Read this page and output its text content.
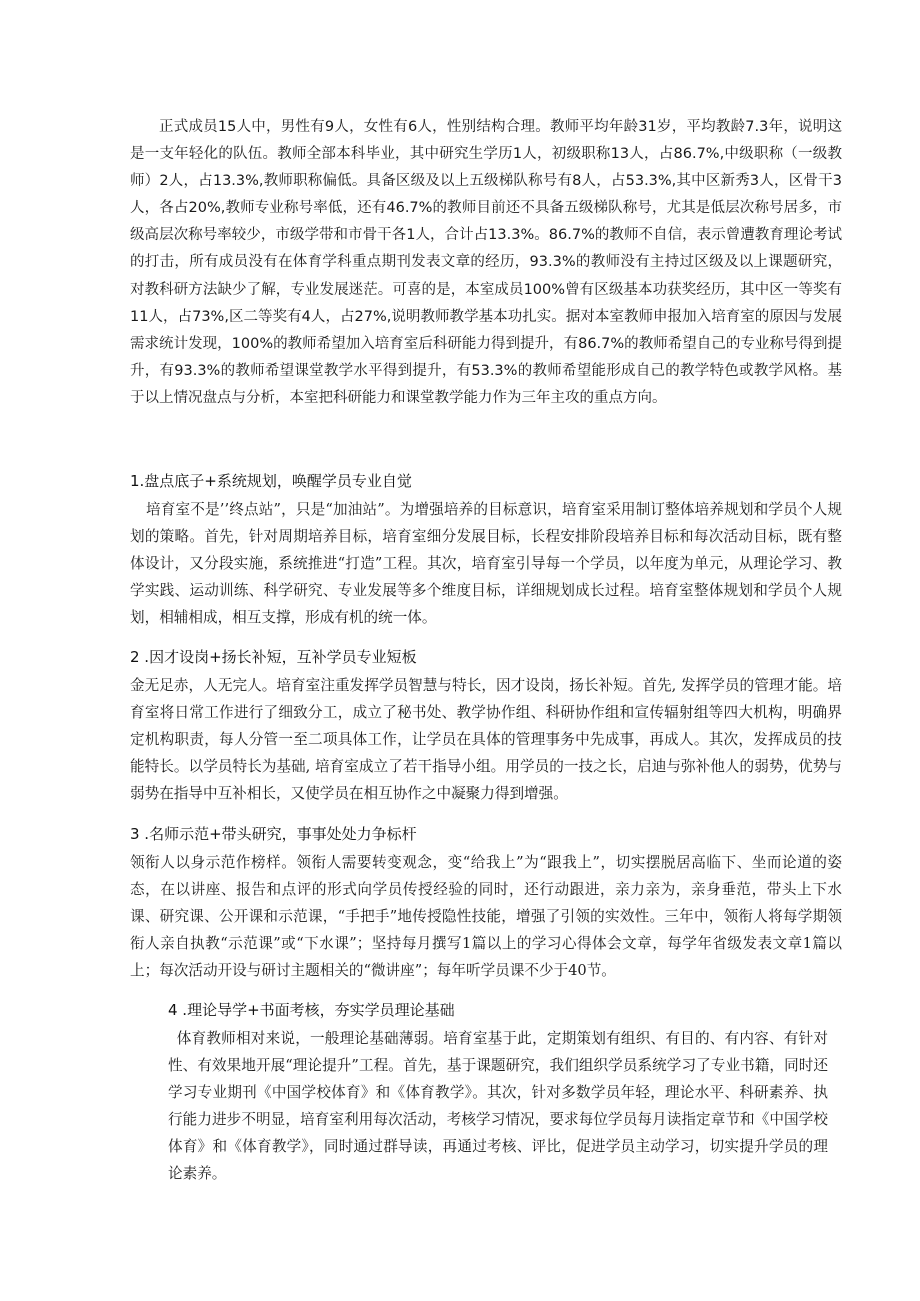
正式成员15人中，男性有9人，女性有6人，性别结构合理。教师平均年龄31岁，平均教龄7.3年，说明这是一支年轻化的队伍。教师全部本科毕业，其中研究生学历1人，初级职称13人，占86.7%,中级职称（一级教师）2人，占13.3%,教师职称偏低。具备区级及以上五级梯队称号有8人，占53.3%,其中区新秀3人，区骨干3人，各占20%,教师专业称号率低，还有46.7%的教师目前还不具备五级梯队称号，尤其是低层次称号居多，市级高层次称号率较少，市级学带和市骨干各1人，合计占13.3%。86.7%的教师不自信，表示曾遭教育理论考试的打击，所有成员没有在体育学科重点期刊发表文章的经历，93.3%的教师没有主持过区级及以上课题研究，对教科研方法缺少了解，专业发展迷茫。可喜的是，本室成员100%曾有区级基本功获奖经历，其中区一等奖有11人，占73%,区二等奖有4人，占27%,说明教师教学基本功扎实。据对本室教师申报加入培育室的原因与发展需求统计发现，100%的教师希望加入培育室后科研能力得到提升，有86.7%的教师希望自己的专业称号得到提升，有93.3%的教师希望课堂教学水平得到提升，有53.3%的教师希望能形成自己的教学特色或教学风格。基于以上情况盘点与分析，本室把科研能力和课堂教学能力作为三年主攻的重点方向。
1.盘点底子+系统规划，唤醒学员专业自觉
培育室不是’’终点站”，只是“加油站”。为增强培养的目标意识，培育室采用制订整体培养规划和学员个人规划的策略。首先，针对周期培养目标，培育室细分发展目标，长程安排阶段培养目标和每次活动目标，既有整体设计，又分段实施，系统推进“打造”工程。其次，培育室引导每一个学员，以年度为单元，从理论学习、教学实践、运动训练、科学研究、专业发展等多个维度目标，详细规划成长过程。培育室整体规划和学员个人规划，相辅相成，相互支撑，形成有机的统一体。
2 .因才设岗+扬长补短，互补学员专业短板
金无足赤，人无完人。培育室注重发挥学员智慧与特长，因才设岗，扬长补短。首先, 发挥学员的管理才能。培育室将日常工作进行了细致分工，成立了秘书处、教学协作组、科研协作组和宣传辐射组等四大机构，明确界定机构职责，每人分管一至二项具体工作，让学员在具体的管理事务中先成事，再成人。其次，发挥成员的技能特长。以学员特长为基础, 培育室成立了若干指导小组。用学员的一技之长，启迪与弥补他人的弱势，优势与弱势在指导中互补相长，又使学员在相互协作之中凝聚力得到增强。
3 .名师示范+带头研究，事事处处力争标杆
领衔人以身示范作榜样。领衔人需要转变观念，变“给我上”为“跟我上”，切实摆脱居高临下、坐而论道的姿态，在以讲座、报告和点评的形式向学员传授经验的同时，还行动跟进，亲力亲为，亲身垂范，带头上下水课、研究课、公开课和示范课，“手把手”地传授隐性技能，增强了引领的实效性。三年中，领衔人将每学期领衔人亲自执教“示范课”或“下水课”；坚持每月撰写1篇以上的学习心得体会文章，每学年省级发表文章1篇以上；每次活动开设与研讨主题相关的“微讲座”；每年听学员课不少于40节。
4 .理论导学+书面考核，夯实学员理论基础
体育教师相对来说，一般理论基础薄弱。培育室基于此，定期策划有组织、有目的、有内容、有针对性、有效果地开展“理论提升”工程。首先，基于课题研究，我们组织学员系统学习了专业书籍，同时还学习专业期刊《中国学校体育》和《体育教学》。其次，针对多数学员年轻，理论水平、科研素养、执行能力进步不明显，培育室利用每次活动，考核学习情况，要求每位学员每月读指定章节和《中国学校体育》和《体育教学》，同时通过群导读，再通过考核、评比，促进学员主动学习，切实提升学员的理论素养。
